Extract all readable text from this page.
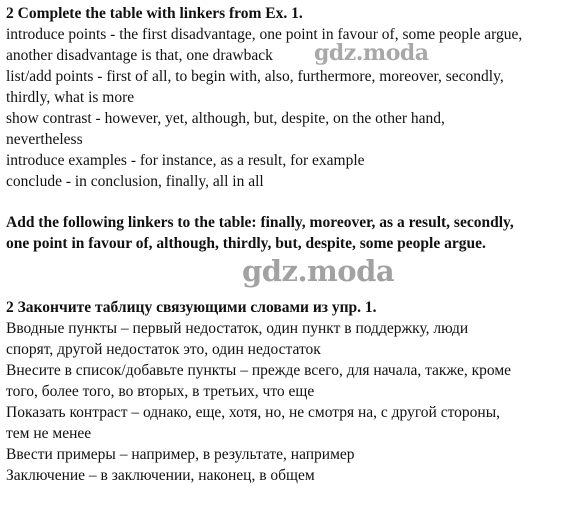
2 Complete the table with linkers from Ex. 1.
introduce points - the first disadvantage, one point in favour of, some people argue,
another disadvantage is that, one drawback
list/add points - first of all, to begin with, also, furthermore, moreover, secondly,
thirdly, what is more
show contrast - however, yet, although, but, despite, on the other hand,
nevertheless
introduce examples - for instance, as a result, for example
conclude - in conclusion, finally, all in all
Add the following linkers to the table: finally, moreover, as a result, secondly,
one point in favour of, although, thirdly, but, despite, some people argue.
2 Закончите таблицу связующими словами из упр. 1.
Вводные пункты – первый недостаток, один пункт в поддержку, люди
спорят, другой недостаток это, один недостаток
Внесите в список/добавьте пункты – прежде всего, для начала, также, кроме
того, более того, во вторых, в третьих, что еще
Показать контраст – однако, еще, хотя, но, не смотря на, с другой стороны,
тем не менее
Ввести примеры – например, в результате, например
Заключение – в заключении, наконец, в общем
gdz.moda
gdz.moda
